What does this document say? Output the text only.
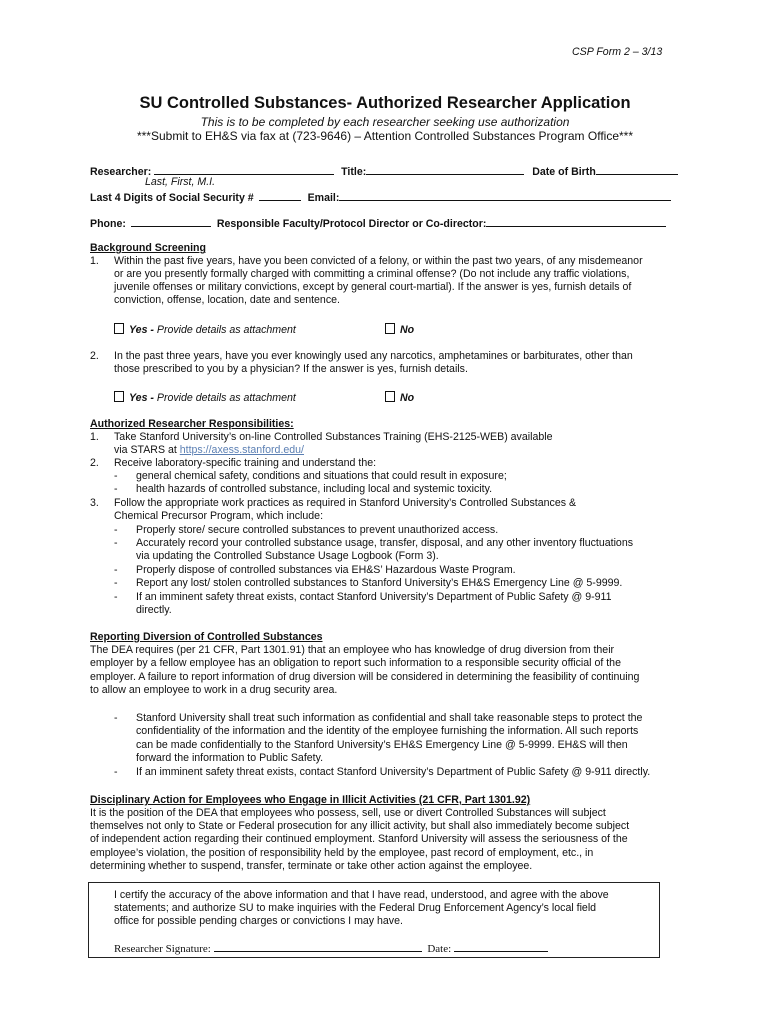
CSP Form 2 – 3/13
SU Controlled Substances- Authorized Researcher Application
This is to be completed by each researcher seeking use authorization
***Submit to EH&S via fax at (723-9646) – Attention Controlled Substances Program Office***
Researcher:	Title:	Date of Birth
Last, First, M.I.
Last 4 Digits of Social Security #	Email:
Phone:	Responsible Faculty/Protocol Director or Co-director:
Background Screening
1. Within the past five years, have you been convicted of a felony, or within the past two years, of any misdemeanor
or are you presently formally charged with committing a criminal offense? (Do not include any traffic violations,
juvenile offenses or military convictions, except by general court-martial). If the answer is yes, furnish details of
conviction, offense, location, date and sentence.
Yes - Provide details as attachment	No
2. In the past three years, have you ever knowingly used any narcotics, amphetamines or barbiturates, other than
those prescribed to you by a physician? If the answer is yes, furnish details.
Yes - Provide details as attachment	No
Authorized Researcher Responsibilities:
1. Take Stanford University’s on-line Controlled Substances Training (EHS-2125-WEB) available
via STARS at https://axess.stanford.edu/
2. Receive laboratory-specific training and understand the:
- general chemical safety, conditions and situations that could result in exposure;
- health hazards of controlled substance, including local and systemic toxicity.
3. Follow the appropriate work practices as required in Stanford University’s Controlled Substances &
Chemical Precursor Program, which include:
- Properly store/ secure controlled substances to prevent unauthorized access.
- Accurately record your controlled substance usage, transfer, disposal, and any other inventory fluctuations
via updating the Controlled Substance Usage Logbook (Form 3).
- Properly dispose of controlled substances via EH&S’ Hazardous Waste Program.
- Report any lost/ stolen controlled substances to Stanford University’s EH&S Emergency Line @ 5-9999.
- If an imminent safety threat exists, contact Stanford University’s Department of Public Safety @ 9-911
directly.
Reporting Diversion of Controlled Substances
The DEA requires (per 21 CFR, Part 1301.91) that an employee who has knowledge of drug diversion from their
employer by a fellow employee has an obligation to report such information to a responsible security official of the
employer. A failure to report information of drug diversion will be considered in determining the feasibility of continuing
to allow an employee to work in a drug security area.
- Stanford University shall treat such information as confidential and shall take reasonable steps to protect the
confidentiality of the information and the identity of the employee furnishing the information. All such reports
can be made confidentially to the Stanford University’s EH&S Emergency Line @ 5-9999. EH&S will then
forward the information to Public Safety.
- If an imminent safety threat exists, contact Stanford University’s Department of Public Safety @ 9-911 directly.
Disciplinary Action for Employees who Engage in Illicit Activities (21 CFR, Part 1301.92)
It is the position of the DEA that employees who possess, sell, use or divert Controlled Substances will subject
themselves not only to State or Federal prosecution for any illicit activity, but shall also immediately become subject
of independent action regarding their continued employment. Stanford University will assess the seriousness of the
employee’s violation, the position of responsibility held by the employee, past record of employment, etc., in
determining whether to suspend, transfer, terminate or take other action against the employee.
I certify the accuracy of the above information and that I have read, understood, and agree with the above
statements; and authorize SU to make inquiries with the Federal Drug Enforcement Agency’s local field
office for possible pending charges or convictions I may have.
Researcher Signature:	Date:
